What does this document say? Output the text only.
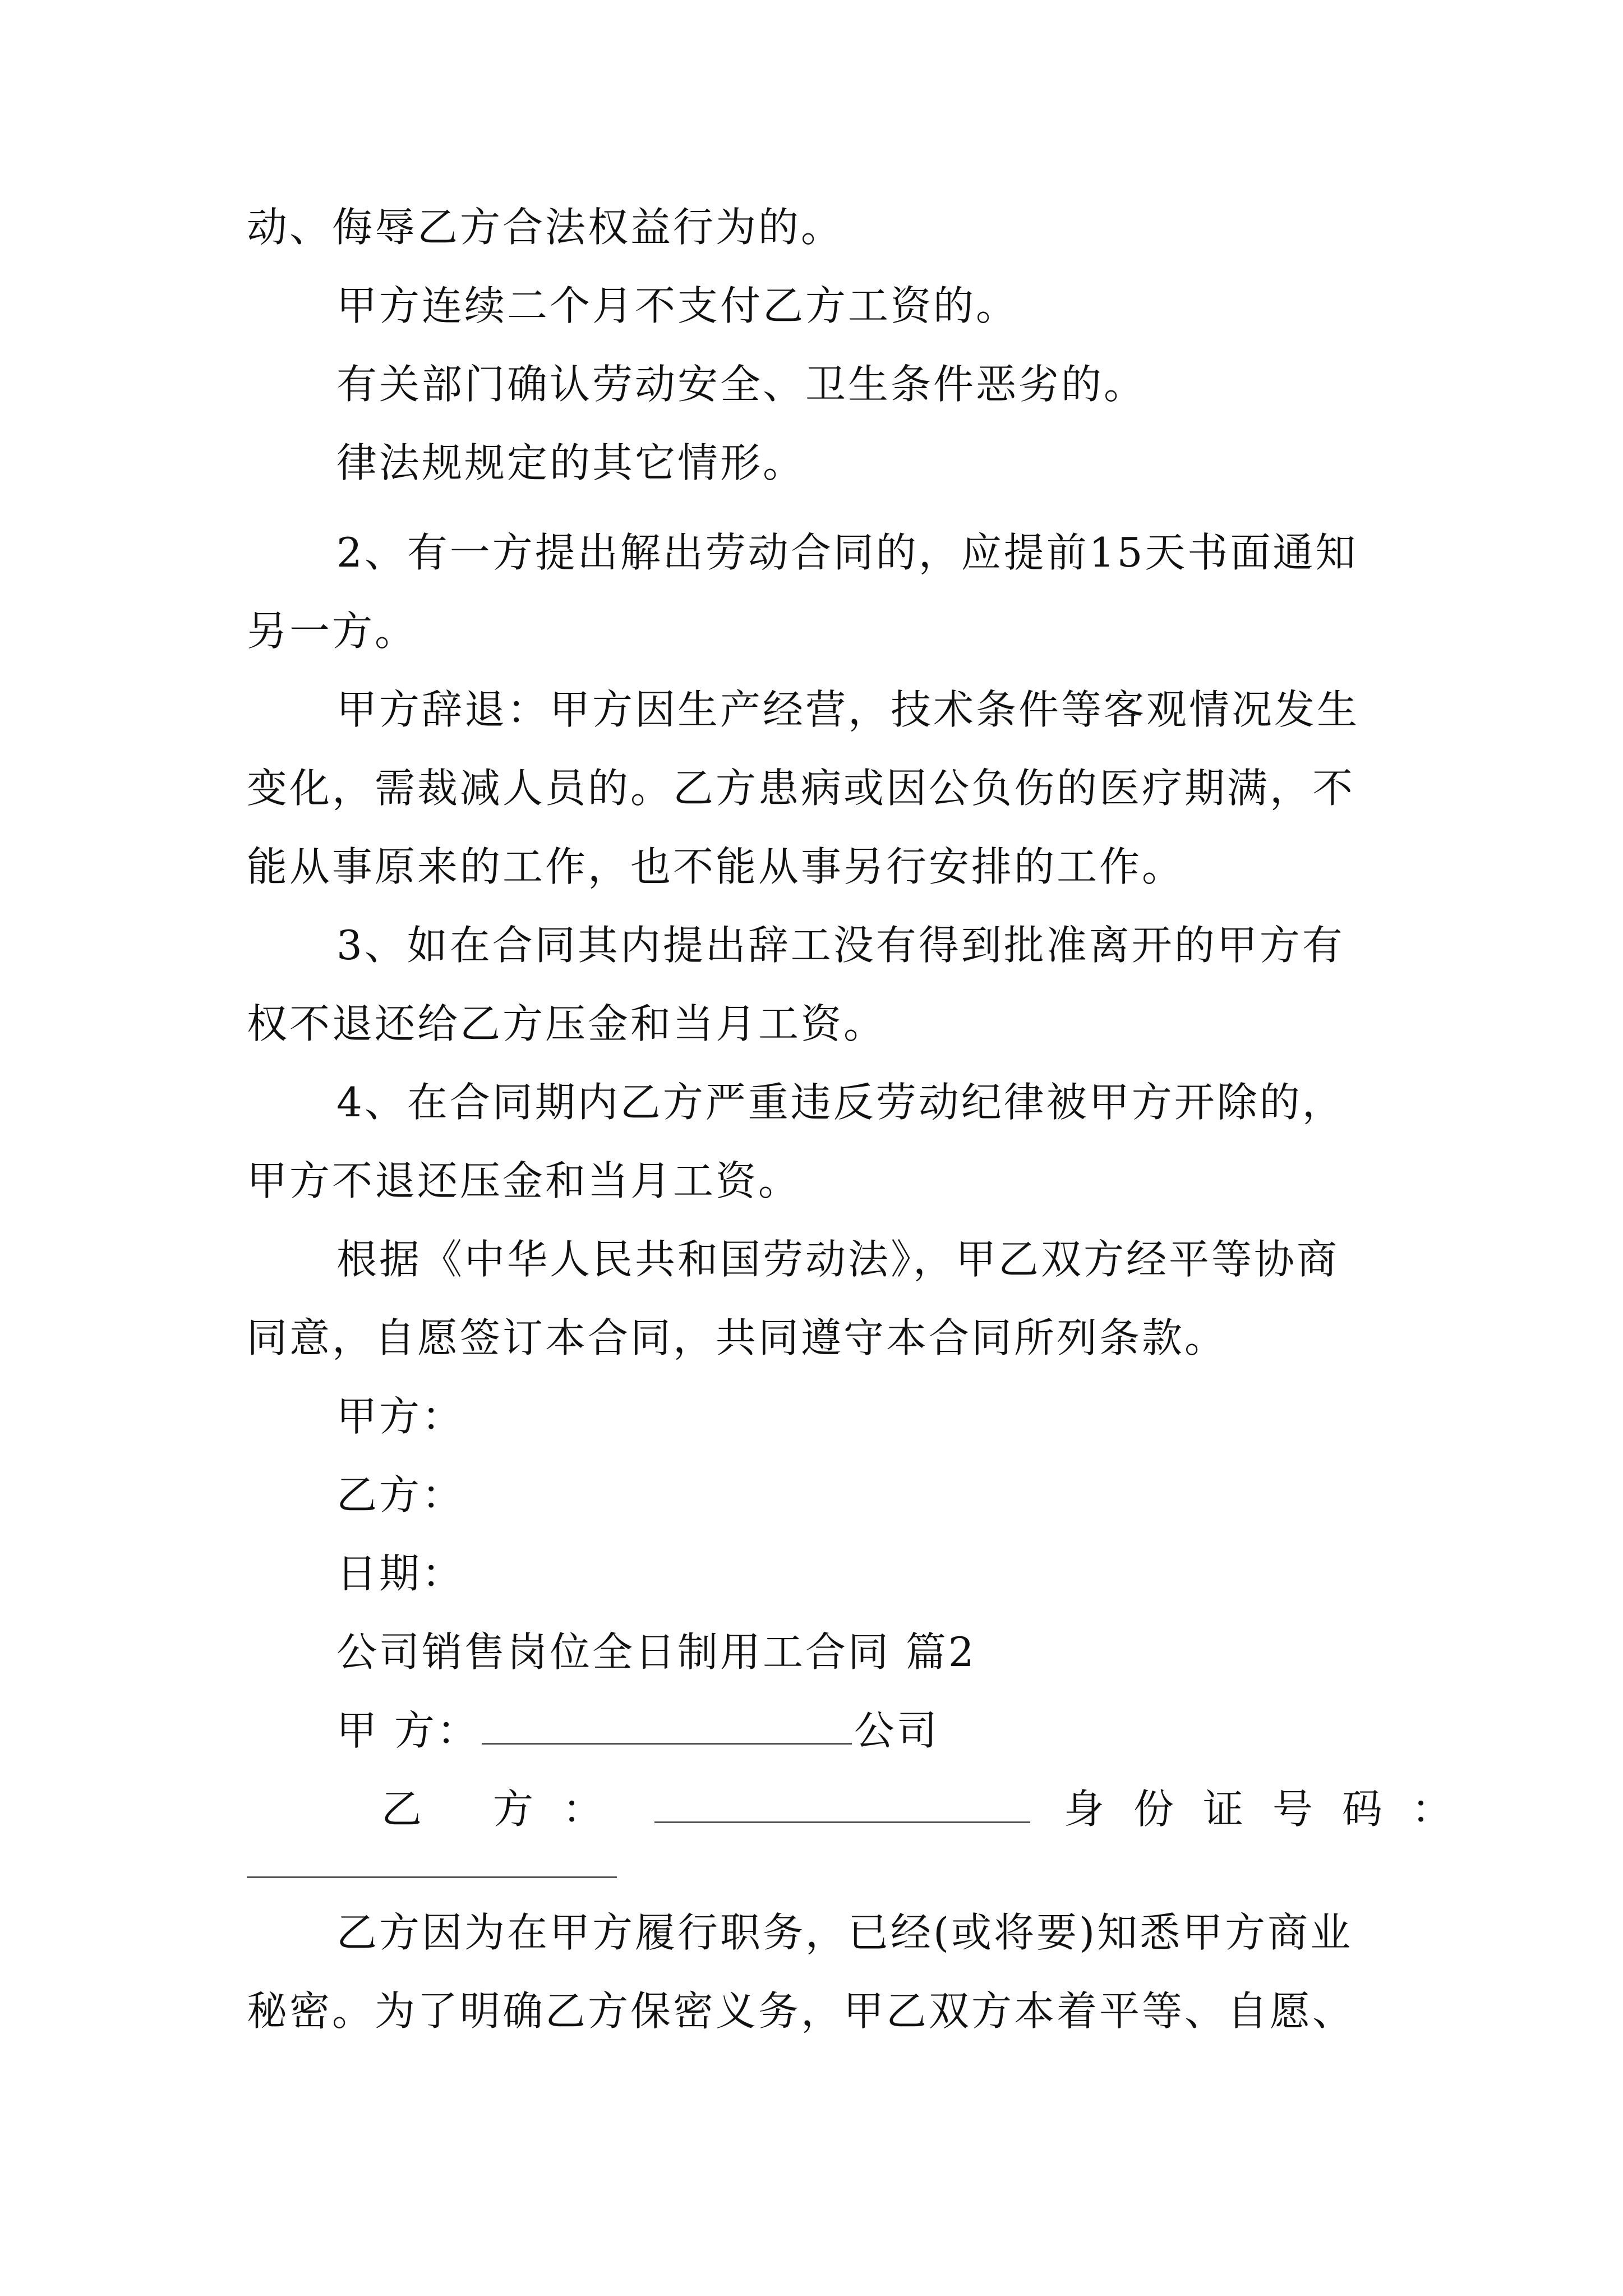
动、侮辱乙方合法权益行为的。
甲方连续二个月不支付乙方工资的。
有关部门确认劳动安全、卫生条件恶劣的。
律法规规定的其它情形。
2、有一方提出解出劳动合同的，应提前15天书面通知
另一方。
甲方辞退：甲方因生产经营，技术条件等客观情况发生
变化，需裁减人员的。乙方患病或因公负伤的医疗期满，不
能从事原来的工作，也不能从事另行安排的工作。
3、如在合同其内提出辞工没有得到批准离开的甲方有
权不退还给乙方压金和当月工资。
4、在合同期内乙方严重违反劳动纪律被甲方开除的，
甲方不退还压金和当月工资。
根据《中华人民共和国劳动法》，甲乙双方经平等协商
同意，自愿签订本合同，共同遵守本合同所列条款。
甲方：
乙方：
日期：
公司销售岗位全日制用工合同 篇2
甲 方：	公司
乙 方：	身份证号码：
乙方因为在甲方履行职务，已经(或将要)知悉甲方商业
秘密。为了明确乙方保密义务，甲乙双方本着平等、自愿、
